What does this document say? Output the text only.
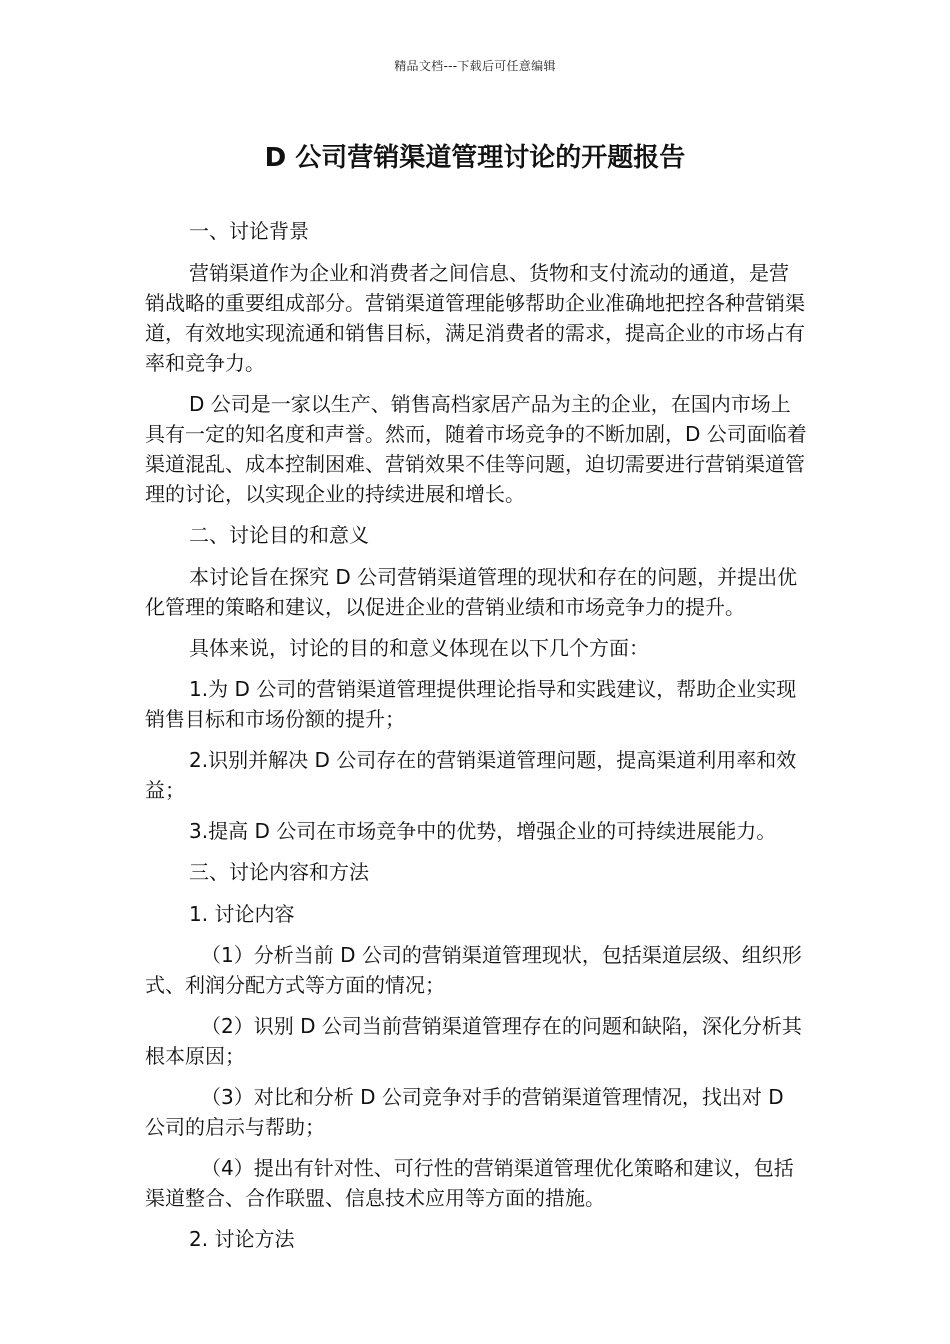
精品文档---下载后可任意编辑
D 公司营销渠道管理讨论的开题报告

一、讨论背景

营销渠道作为企业和消费者之间信息、货物和支付流动的通道，是营销战略的重要组成部分。营销渠道管理能够帮助企业准确地把控各种营销渠道，有效地实现流通和销售目标，满足消费者的需求，提高企业的市场占有率和竞争力。

D 公司是一家以生产、销售高档家居产品为主的企业，在国内市场上具有一定的知名度和声誉。然而，随着市场竞争的不断加剧，D 公司面临着渠道混乱、成本控制困难、营销效果不佳等问题，迫切需要进行营销渠道管理的讨论，以实现企业的持续进展和增长。

二、讨论目的和意义

本讨论旨在探究 D 公司营销渠道管理的现状和存在的问题，并提出优化管理的策略和建议，以促进企业的营销业绩和市场竞争力的提升。

具体来说，讨论的目的和意义体现在以下几个方面：

1.为 D 公司的营销渠道管理提供理论指导和实践建议，帮助企业实现销售目标和市场份额的提升；

2.识别并解决 D 公司存在的营销渠道管理问题，提高渠道利用率和效益；

3.提高 D 公司在市场竞争中的优势，增强企业的可持续进展能力。

三、讨论内容和方法

1. 讨论内容

（1）分析当前 D 公司的营销渠道管理现状，包括渠道层级、组织形式、利润分配方式等方面的情况；

（2）识别 D 公司当前营销渠道管理存在的问题和缺陷，深化分析其根本原因；

（3）对比和分析 D 公司竞争对手的营销渠道管理情况，找出对 D 公司的启示与帮助；

（4）提出有针对性、可行性的营销渠道管理优化策略和建议，包括渠道整合、合作联盟、信息技术应用等方面的措施。

2. 讨论方法
